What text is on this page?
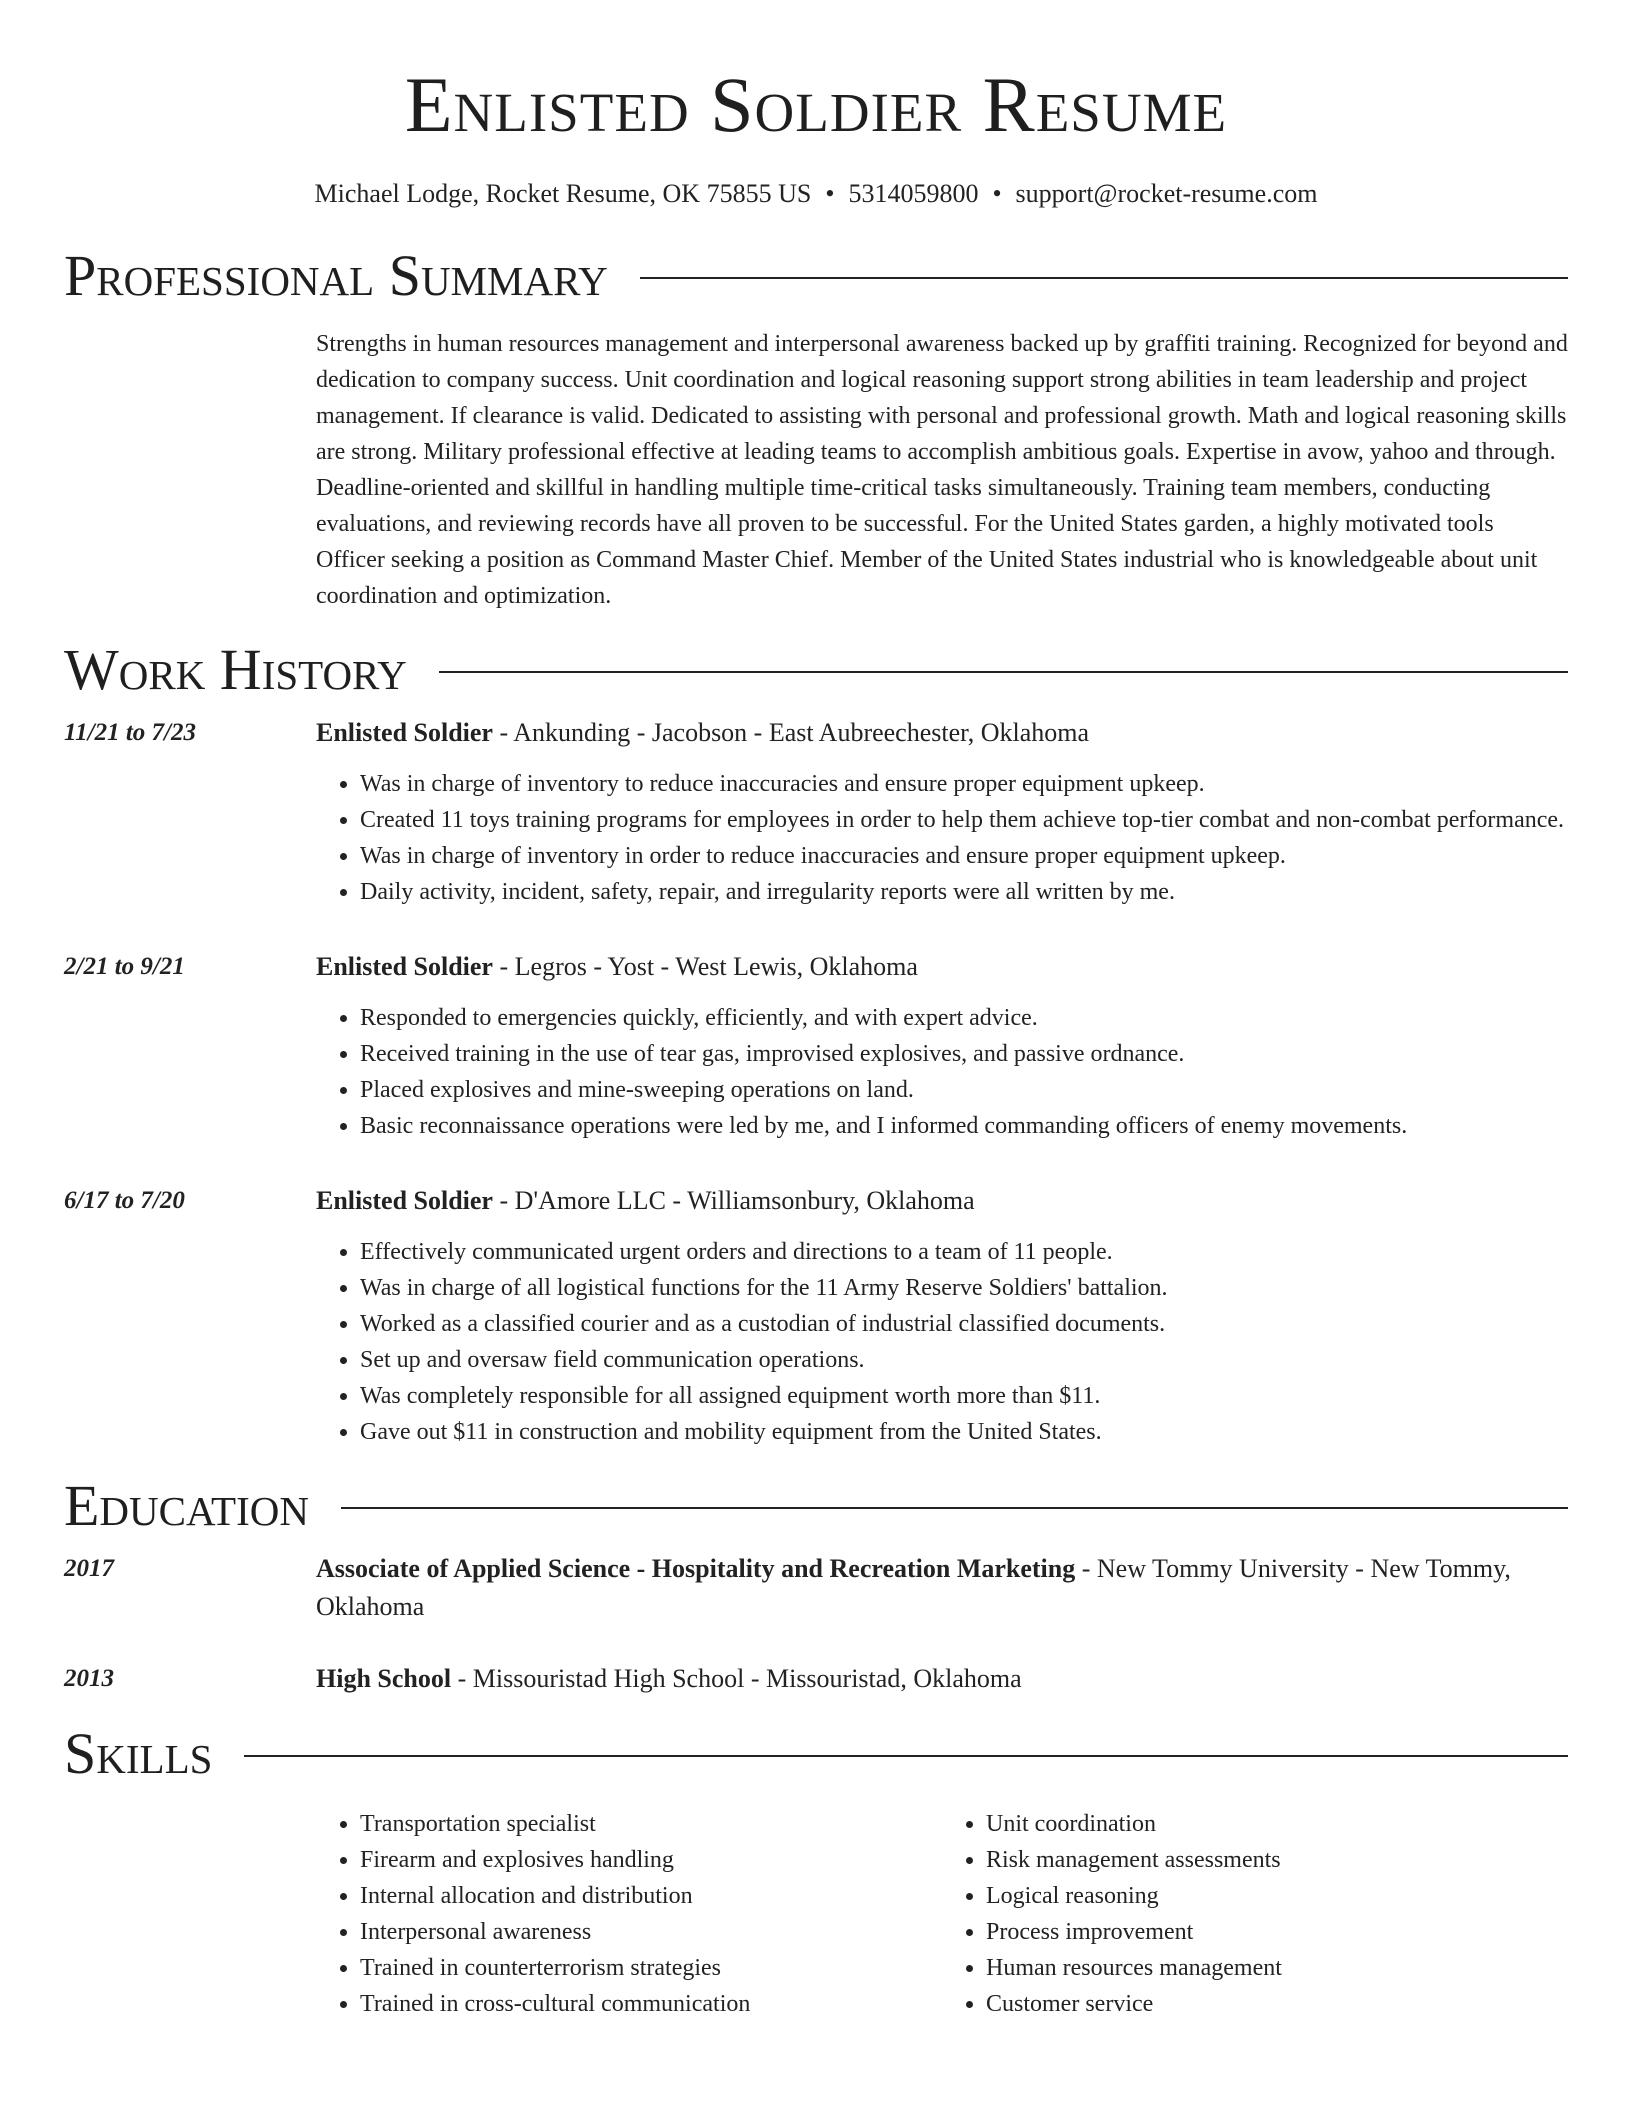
Enlisted Soldier Resume
Michael Lodge, Rocket Resume, OK 75855 US • 5314059800 • support@rocket-resume.com
Professional Summary
Strengths in human resources management and interpersonal awareness backed up by graffiti training. Recognized for beyond and dedication to company success. Unit coordination and logical reasoning support strong abilities in team leadership and project management. If clearance is valid. Dedicated to assisting with personal and professional growth. Math and logical reasoning skills are strong. Military professional effective at leading teams to accomplish ambitious goals. Expertise in avow, yahoo and through. Deadline-oriented and skillful in handling multiple time-critical tasks simultaneously. Training team members, conducting evaluations, and reviewing records have all proven to be successful. For the United States garden, a highly motivated tools Officer seeking a position as Command Master Chief. Member of the United States industrial who is knowledgeable about unit coordination and optimization.
Work History
11/21 to 7/23	Enlisted Soldier - Ankunding - Jacobson - East Aubreechester, Oklahoma
• Was in charge of inventory to reduce inaccuracies and ensure proper equipment upkeep.
• Created 11 toys training programs for employees in order to help them achieve top-tier combat and non-combat performance.
• Was in charge of inventory in order to reduce inaccuracies and ensure proper equipment upkeep.
• Daily activity, incident, safety, repair, and irregularity reports were all written by me.
2/21 to 9/21	Enlisted Soldier - Legros - Yost - West Lewis, Oklahoma
• Responded to emergencies quickly, efficiently, and with expert advice.
• Received training in the use of tear gas, improvised explosives, and passive ordnance.
• Placed explosives and mine-sweeping operations on land.
• Basic reconnaissance operations were led by me, and I informed commanding officers of enemy movements.
6/17 to 7/20	Enlisted Soldier - D'Amore LLC - Williamsonbury, Oklahoma
• Effectively communicated urgent orders and directions to a team of 11 people.
• Was in charge of all logistical functions for the 11 Army Reserve Soldiers' battalion.
• Worked as a classified courier and as a custodian of industrial classified documents.
• Set up and oversaw field communication operations.
• Was completely responsible for all assigned equipment worth more than $11.
• Gave out $11 in construction and mobility equipment from the United States.
Education
2017	Associate of Applied Science - Hospitality and Recreation Marketing - New Tommy University - New Tommy, Oklahoma
2013	High School - Missouristad High School - Missouristad, Oklahoma
Skills
• Transportation specialist
• Firearm and explosives handling
• Internal allocation and distribution
• Interpersonal awareness
• Trained in counterterrorism strategies
• Trained in cross-cultural communication
• Unit coordination
• Risk management assessments
• Logical reasoning
• Process improvement
• Human resources management
• Customer service
